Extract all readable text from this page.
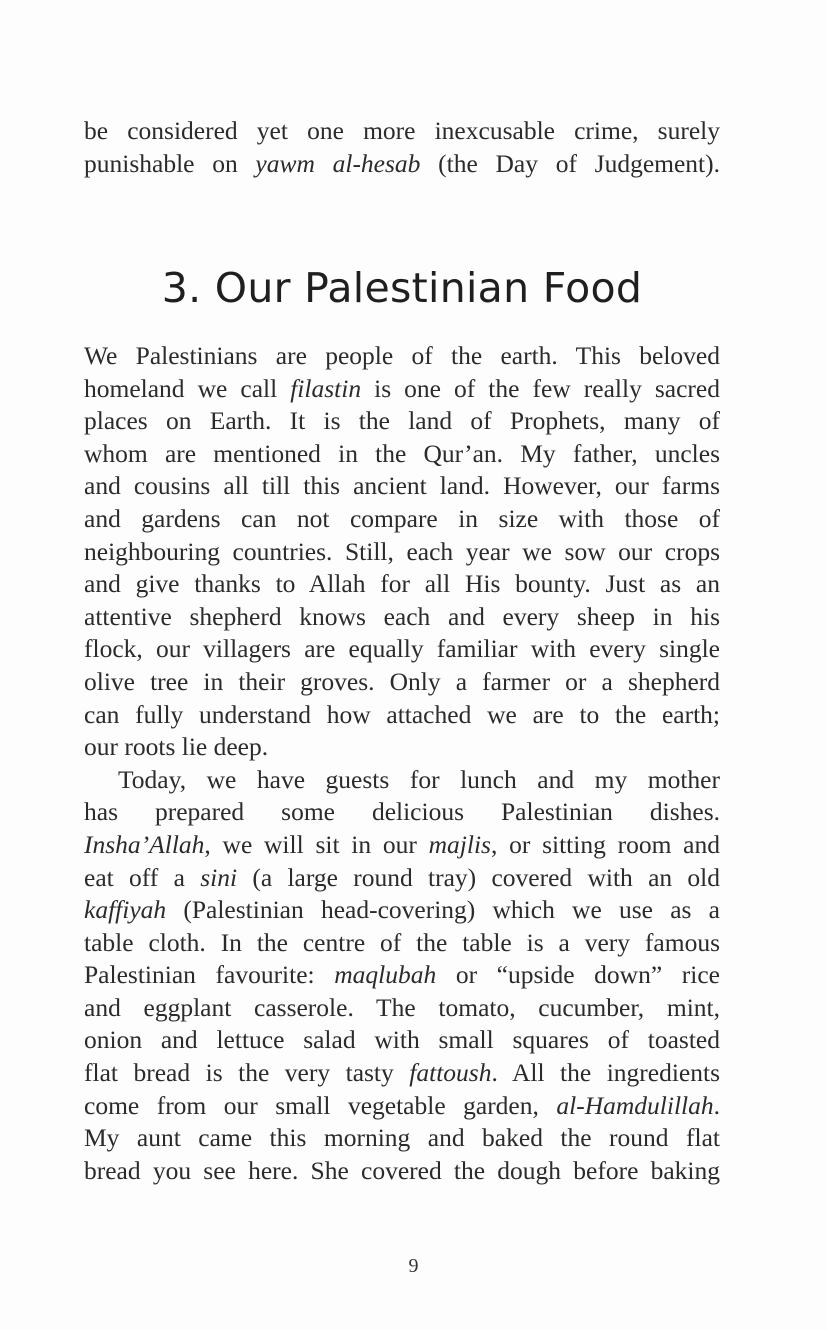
be considered yet one more inexcusable crime, surely
punishable on yawm al-hesab (the Day of Judgement).
3. Our Palestinian Food
We Palestinians are people of the earth. This beloved
homeland we call filastin is one of the few really sacred
places on Earth. It is the land of Prophets, many of
whom are mentioned in the Qur’an. My father, uncles
and cousins all till this ancient land. However, our farms
and gardens can not compare in size with those of
neighbouring countries. Still, each year we sow our crops
and give thanks to Allah for all His bounty. Just as an
attentive shepherd knows each and every sheep in his
flock, our villagers are equally familiar with every single
olive tree in their groves. Only a farmer or a shepherd
can fully understand how attached we are to the earth;
our roots lie deep.
Today, we have guests for lunch and my mother
has prepared some delicious Palestinian dishes.
Insha’Allah, we will sit in our majlis, or sitting room and
eat off a sini (a large round tray) covered with an old
kaffiyah (Palestinian head-covering) which we use as a
table cloth. In the centre of the table is a very famous
Palestinian favourite: maqlubah or “upside down” rice
and eggplant casserole. The tomato, cucumber, mint,
onion and lettuce salad with small squares of toasted
flat bread is the very tasty fattoush. All the ingredients
come from our small vegetable garden, al-Hamdulillah.
My aunt came this morning and baked the round flat
bread you see here. She covered the dough before baking
9
